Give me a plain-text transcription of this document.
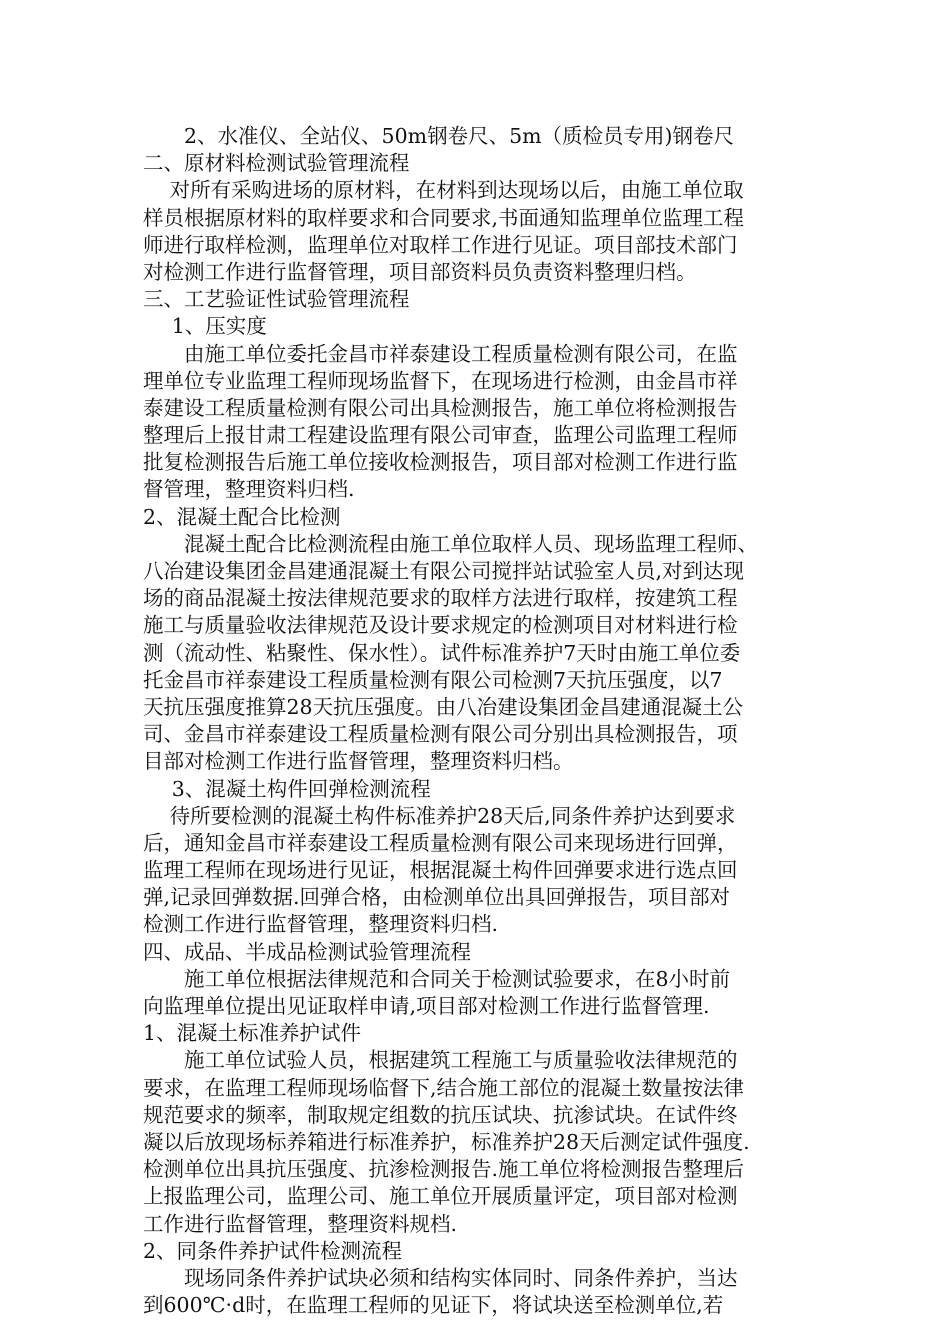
2、水准仪、全站仪、50m钢卷尺、5m（质检员专用)钢卷尺
二、原材料检测试验管理流程
对所有采购进场的原材料，在材料到达现场以后，由施工单位取
样员根据原材料的取样要求和合同要求,书面通知监理单位监理工程
师进行取样检测，监理单位对取样工作进行见证。项目部技术部门
对检测工作进行监督管理，项目部资料员负责资料整理归档。
三、工艺验证性试验管理流程
1、压实度
由施工单位委托金昌市祥泰建设工程质量检测有限公司，在监
理单位专业监理工程师现场监督下，在现场进行检测，由金昌市祥
泰建设工程质量检测有限公司出具检测报告，施工单位将检测报告
整理后上报甘肃工程建设监理有限公司审查，监理公司监理工程师
批复检测报告后施工单位接收检测报告，项目部对检测工作进行监
督管理，整理资料归档.
2、混凝土配合比检测
混凝土配合比检测流程由施工单位取样人员、现场监理工程师、
八冶建设集团金昌建通混凝土有限公司搅拌站试验室人员,对到达现
场的商品混凝土按法律规范要求的取样方法进行取样，按建筑工程
施工与质量验收法律规范及设计要求规定的检测项目对材料进行检
测（流动性、粘聚性、保水性）。试件标准养护7天时由施工单位委
托金昌市祥泰建设工程质量检测有限公司检测7天抗压强度，以7
天抗压强度推算28天抗压强度。由八冶建设集团金昌建通混凝土公
司、金昌市祥泰建设工程质量检测有限公司分别出具检测报告，项
目部对检测工作进行监督管理，整理资料归档。
3、混凝土构件回弹检测流程
待所要检测的混凝土构件标准养护28天后,同条件养护达到要求
后，通知金昌市祥泰建设工程质量检测有限公司来现场进行回弹，
监理工程师在现场进行见证，根据混凝土构件回弹要求进行选点回
弹,记录回弹数据.回弹合格，由检测单位出具回弹报告，项目部对
检测工作进行监督管理，整理资料归档.
四、成品、半成品检测试验管理流程
施工单位根据法律规范和合同关于检测试验要求，在8小时前
向监理单位提出见证取样申请,项目部对检测工作进行监督管理.
1、混凝土标准养护试件
施工单位试验人员，根据建筑工程施工与质量验收法律规范的
要求，在监理工程师现场临督下,结合施工部位的混凝土数量按法律
规范要求的频率，制取规定组数的抗压试块、抗渗试块。在试件终
凝以后放现场标养箱进行标准养护，标准养护28天后测定试件强度.
检测单位出具抗压强度、抗渗检测报告.施工单位将检测报告整理后
上报监理公司，监理公司、施工单位开展质量评定，项目部对检测
工作进行监督管理，整理资料规档.
2、同条件养护试件检测流程
现场同条件养护试块必须和结构实体同时、同条件养护，当达
到600℃·d时，在监理工程师的见证下，将试块送至检测单位,若
